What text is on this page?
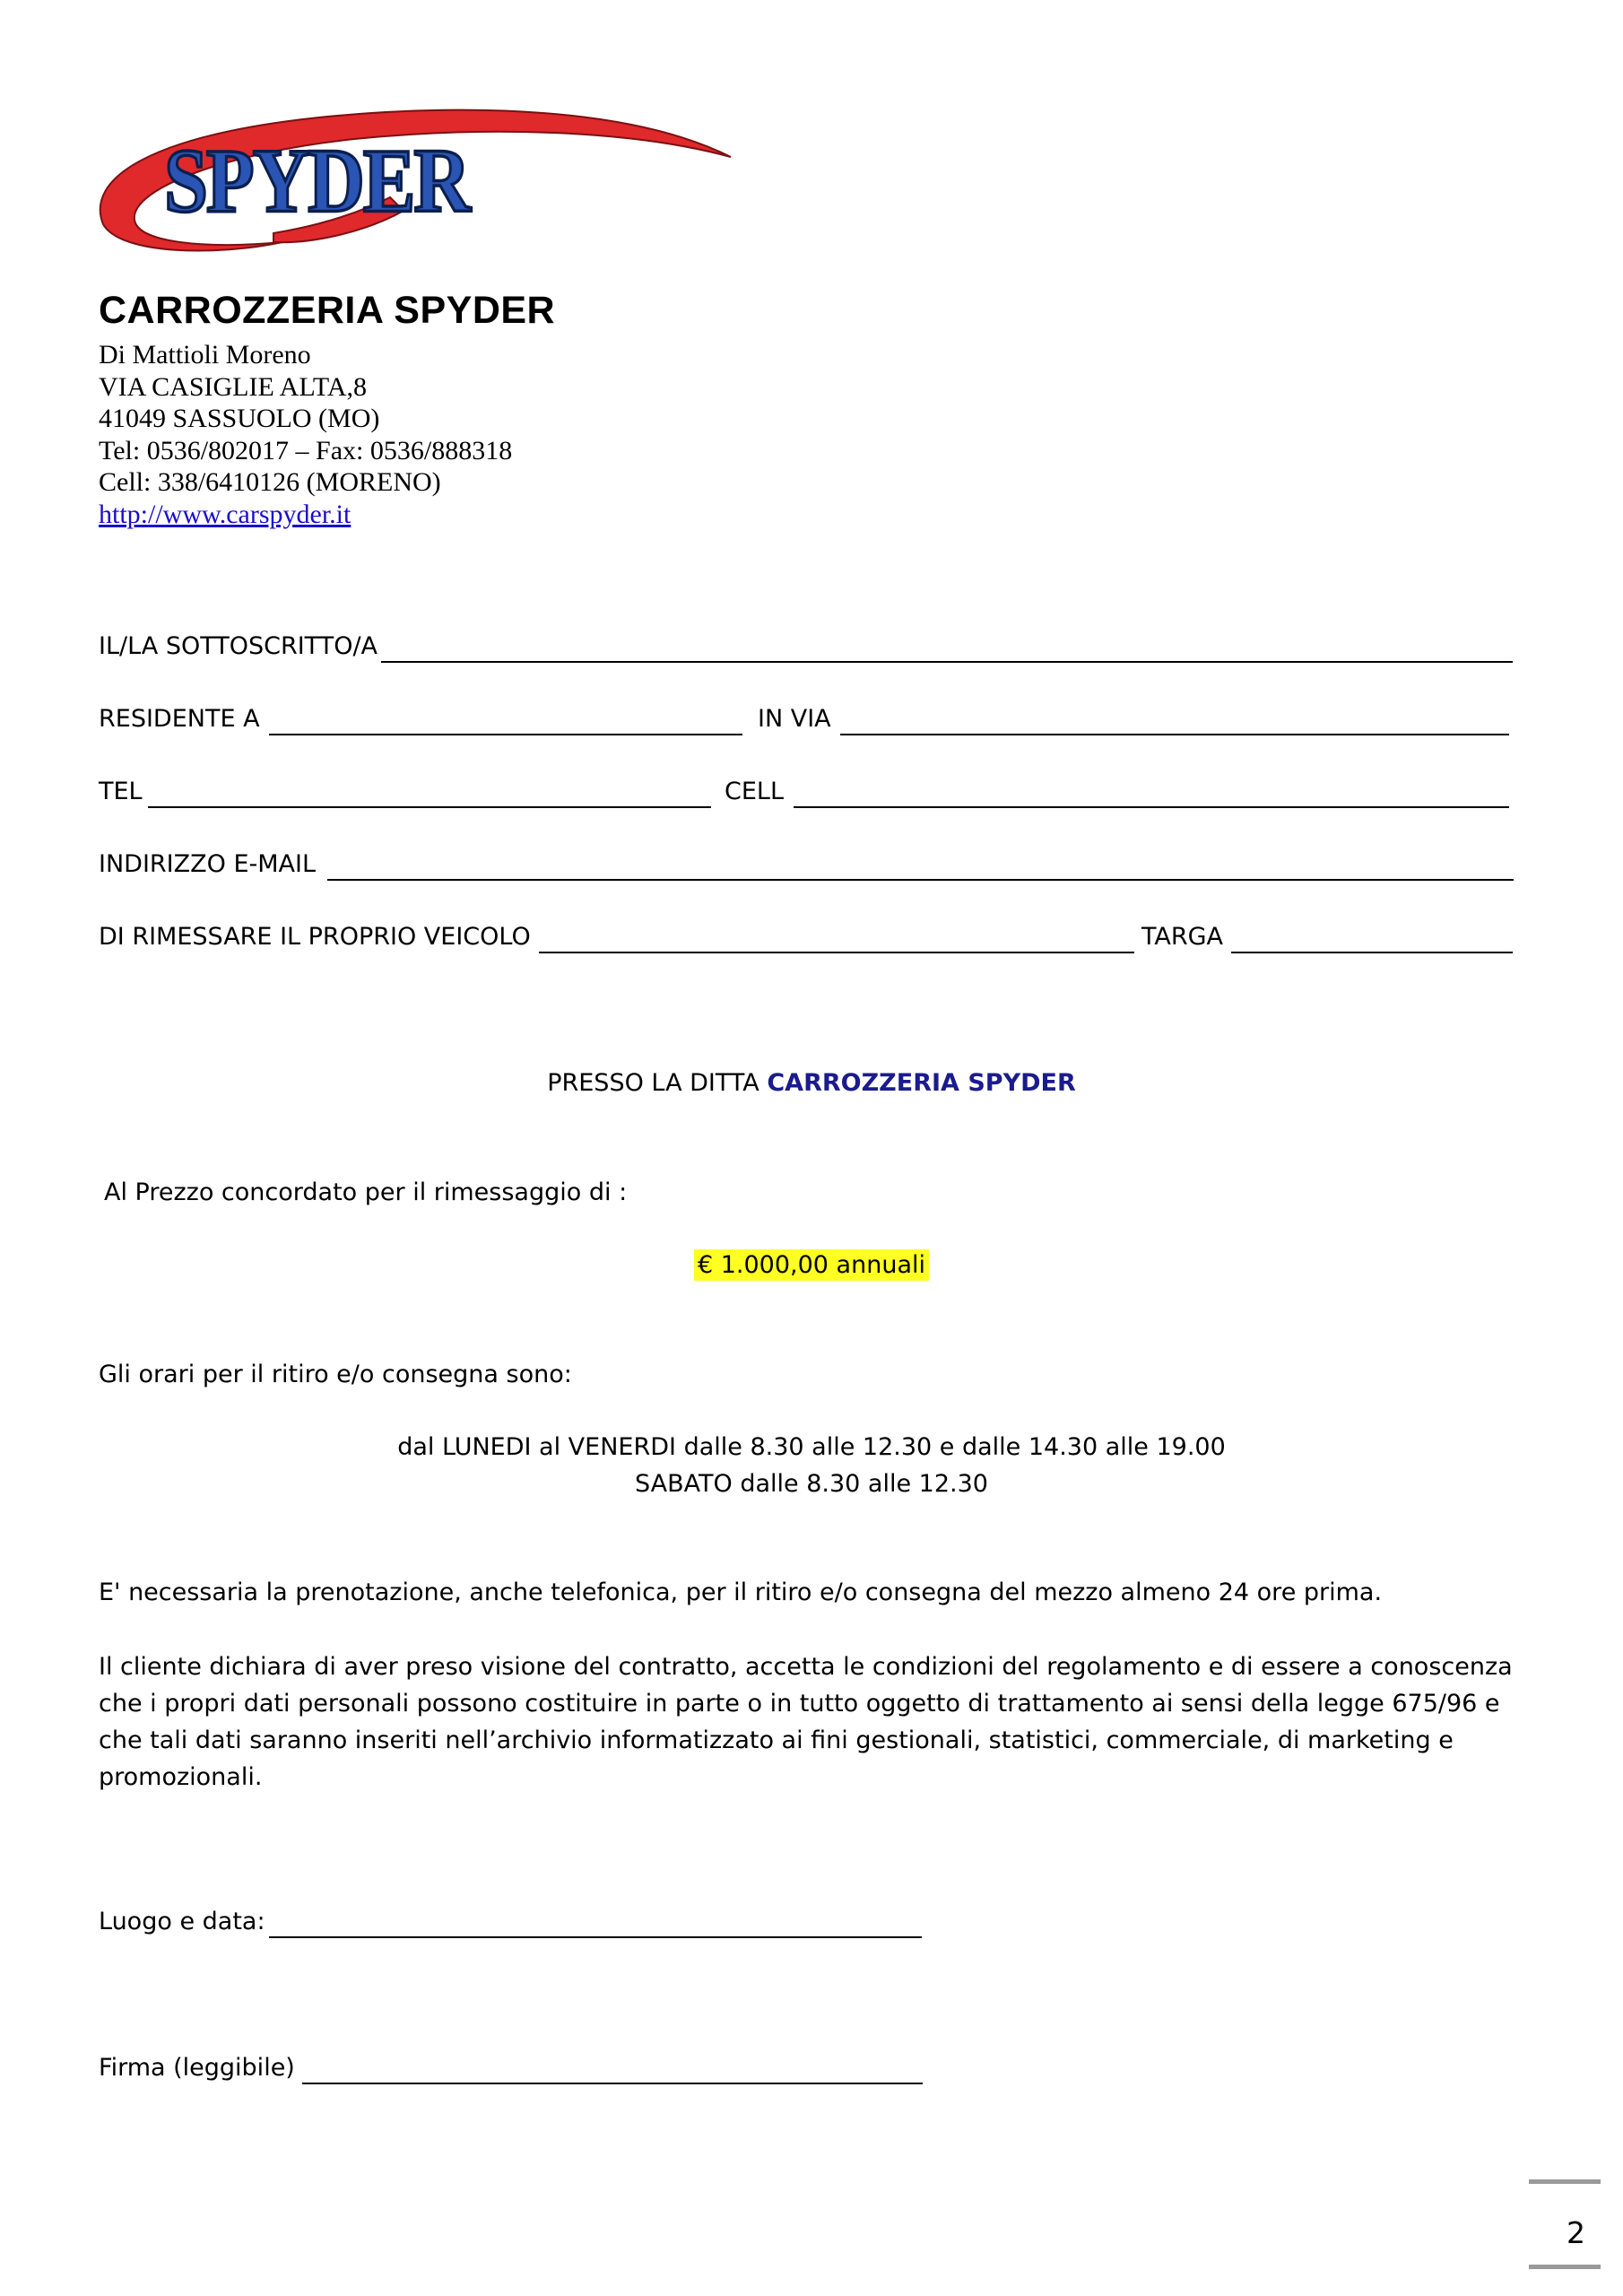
SPYDER
CARROZZERIA SPYDER
Di Mattioli Moreno
VIA CASIGLIE ALTA,8
41049 SASSUOLO (MO)
Tel: 0536/802017 – Fax: 0536/888318
Cell: 338/6410126 (MORENO)
http://www.carspyder.it
IL/LA SOTTOSCRITTO/A
RESIDENTE A	IN VIA
TEL	CELL
INDIRIZZO E-MAIL
DI RIMESSARE IL PROPRIO VEICOLO	TARGA
PRESSO LA DITTA CARROZZERIA SPYDER
Al Prezzo concordato per il rimessaggio di :
€ 1.000,00 annuali
Gli orari per il ritiro e/o consegna sono:
dal LUNEDI al VENERDI dalle 8.30 alle 12.30 e dalle 14.30 alle 19.00
SABATO dalle 8.30 alle 12.30
E' necessaria la prenotazione, anche telefonica, per il ritiro e/o consegna del mezzo almeno 24 ore prima.
Il cliente dichiara di aver preso visione del contratto, accetta le condizioni del regolamento e di essere a conoscenza
che i propri dati personali possono costituire in parte o in tutto oggetto di trattamento ai sensi della legge 675/96 e
che tali dati saranno inseriti nell’archivio informatizzato ai fini gestionali, statistici, commerciale, di marketing e
promozionali.
Luogo e data:
Firma (leggibile)
2
